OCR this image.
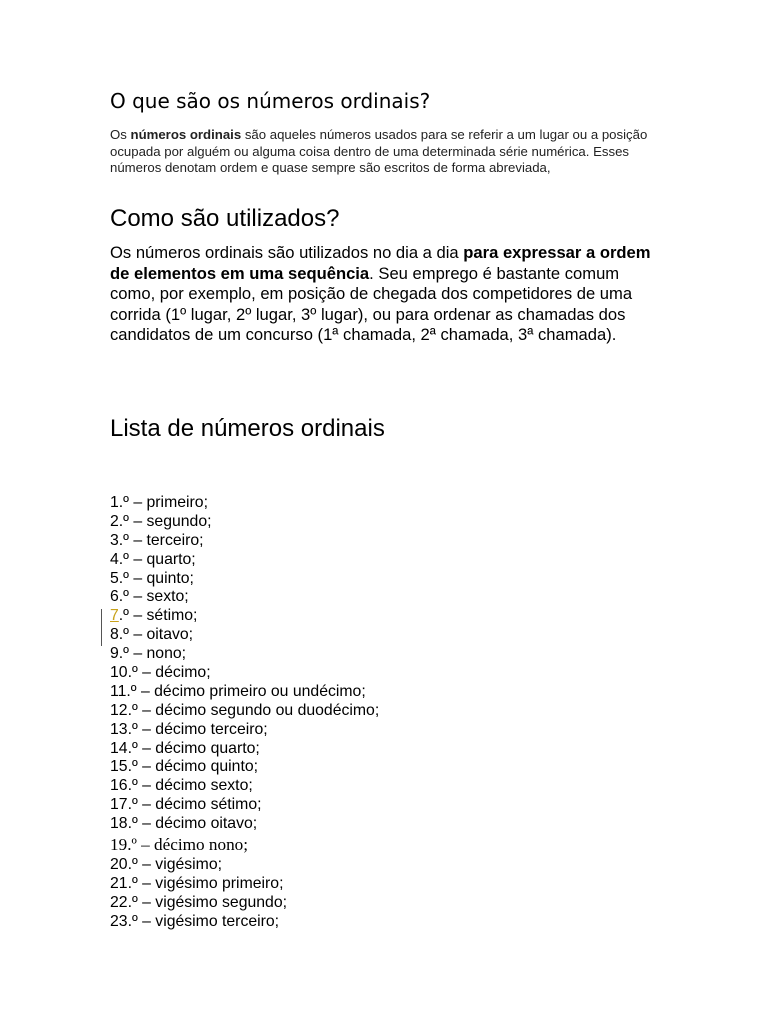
O que são os números ordinais?

Os números ordinais são aqueles números usados para se referir a um lugar ou a posição ocupada por alguém ou alguma coisa dentro de uma determinada série numérica. Esses números denotam ordem e quase sempre são escritos de forma abreviada,

Como são utilizados?

Os números ordinais são utilizados no dia a dia para expressar a ordem de elementos em uma sequência. Seu emprego é bastante comum como, por exemplo, em posição de chegada dos competidores de uma corrida (1º lugar, 2º lugar, 3º lugar), ou para ordenar as chamadas dos candidatos de um concurso (1ª chamada, 2ª chamada, 3ª chamada).

Lista de números ordinais
1.º – primeiro;
2.º – segundo;
3.º – terceiro;
4.º – quarto;
5.º – quinto;
6.º – sexto;
7.º – sétimo;
8.º – oitavo;
9.º – nono;
10.º – décimo;
11.º – décimo primeiro ou undécimo;
12.º – décimo segundo ou duodécimo;
13.º – décimo terceiro;
14.º – décimo quarto;
15.º – décimo quinto;
16.º – décimo sexto;
17.º – décimo sétimo;
18.º – décimo oitavo;
19.º – décimo nono;
20.º – vigésimo;
21.º – vigésimo primeiro;
22.º – vigésimo segundo;
23.º – vigésimo terceiro;
